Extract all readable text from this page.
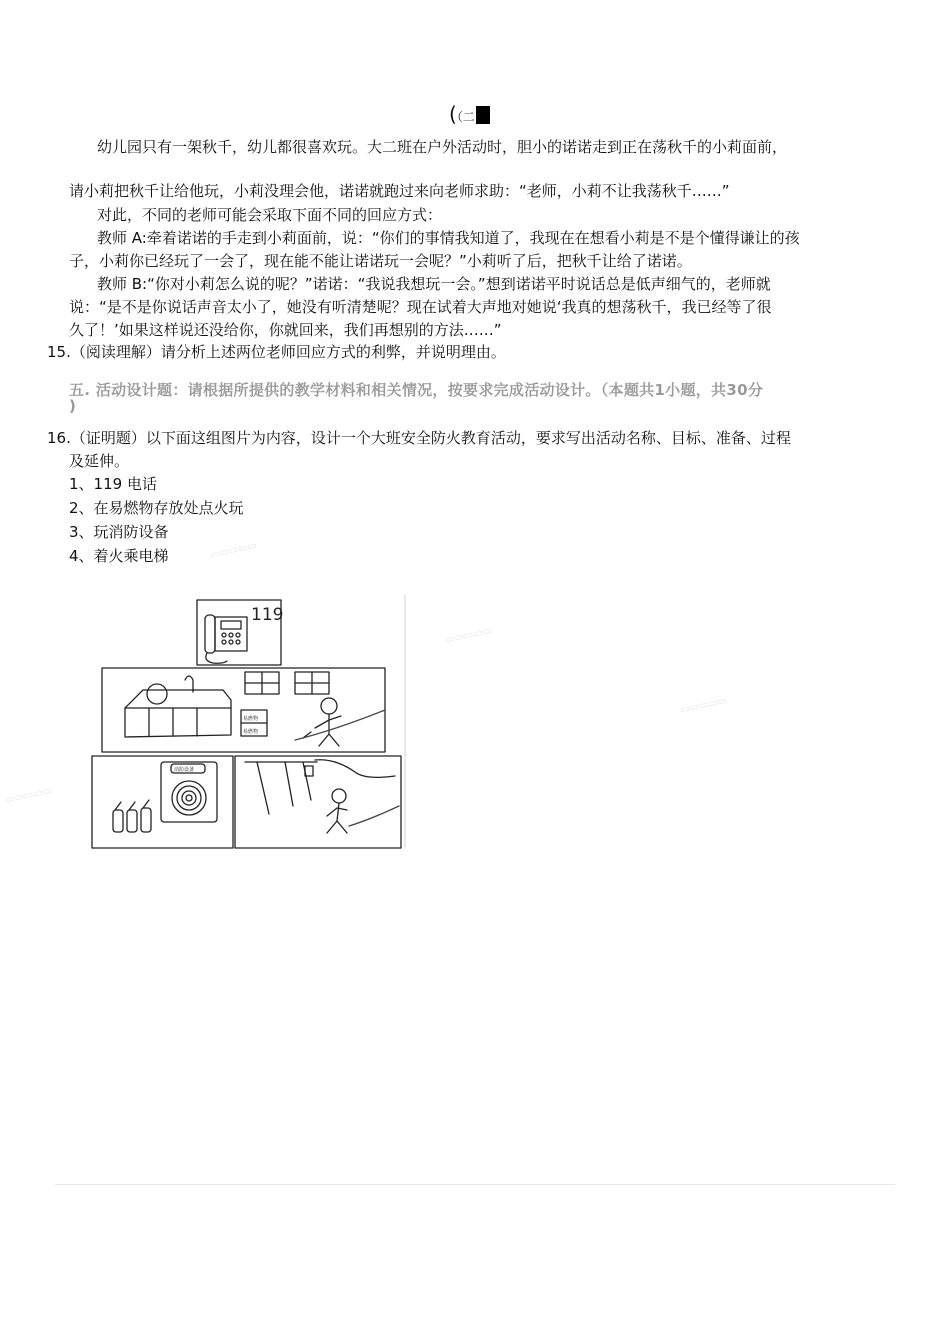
(（二
幼儿园只有一架秋千，幼儿都很喜欢玩。大二班在户外活动时，胆小的诺诺走到正在荡秋千的小莉面前，
请小莉把秋千让给他玩，小莉没理会他，诺诺就跑过来向老师求助：“老师，小莉不让我荡秋千……”
对此，不同的老师可能会采取下面不同的回应方式：
教师 A:牵着诺诺的手走到小莉面前，说：“你们的事情我知道了，我现在在想看小莉是不是个懂得谦让的孩
子，小莉你已经玩了一会了，现在能不能让诺诺玩一会呢？”小莉听了后，把秋千让给了诺诺。
教师 B:“你对小莉怎么说的呢？”诺诺：“我说我想玩一会。”想到诺诺平时说话总是低声细气的，老师就
说：“是不是你说话声音太小了，她没有听清楚呢？现在试着大声地对她说‘我真的想荡秋千，我已经等了很
久了！’如果这样说还没给你，你就回来，我们再想别的方法……”
15.（阅读理解）请分析上述两位老师回应方式的利弊，并说明理由。
五. 活动设计题：请根据所提供的教学材料和相关情况，按要求完成活动设计。（本题共1小题，共30分
)
16.（证明题）以下面这组图片为内容，设计一个大班安全防火教育活动，要求写出活动名称、目标、准备、过程
及延伸。
1、119 电话
2、在易燃物存放处点火玩
3、玩消防设备
4、着火乘电梯	▭▭▭▭▭
▭▭▭▭▭
▭▭▭▭▭
▭▭▭▭▭
119
易燃物
易燃物
消防设备
